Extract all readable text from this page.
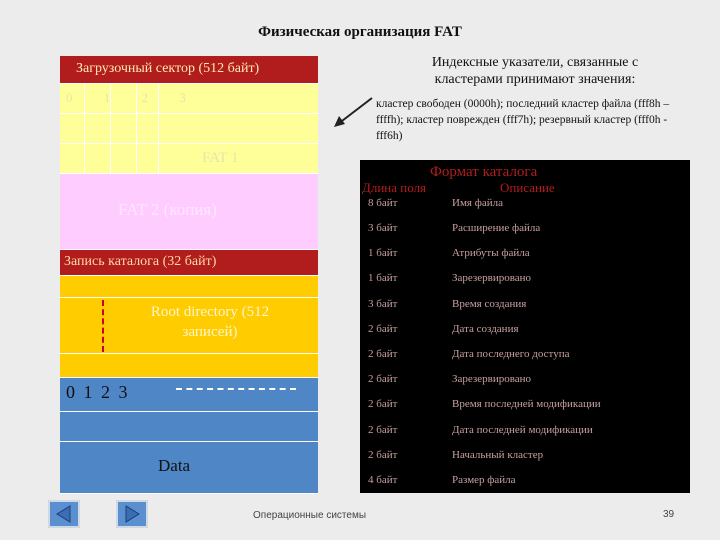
Физическая организация FAT
Загрузочный сектор (512 байт)
0 1 2 3
FAT 1
FAT 2 (копия)
Запись каталога (32 байт)
Root directory (512 записей)
0 1 2 3
Data
Индексные указатели, связанные с кластерами принимают значения:
кластер свободен (0000h); последний кластер файла (fff8h – ffffh); кластер поврежден (fff7h); резервный кластер (fff0h - fff6h)
Формат каталога
Длина поля	Описание
8 байт	Имя файла
3 байт	Расширение файла
1 байт	Атрибуты файла
1 байт	Зарезервировано
3 байт	Время создания
2 байт	Дата создания
2 байт	Дата последнего доступа
2 байт	Зарезервировано
2 байт	Время последней модификации
2 байт	Дата последней модификации
2 байт	Начальный кластер
4 байт	Размер файла
Операционные системы	39
